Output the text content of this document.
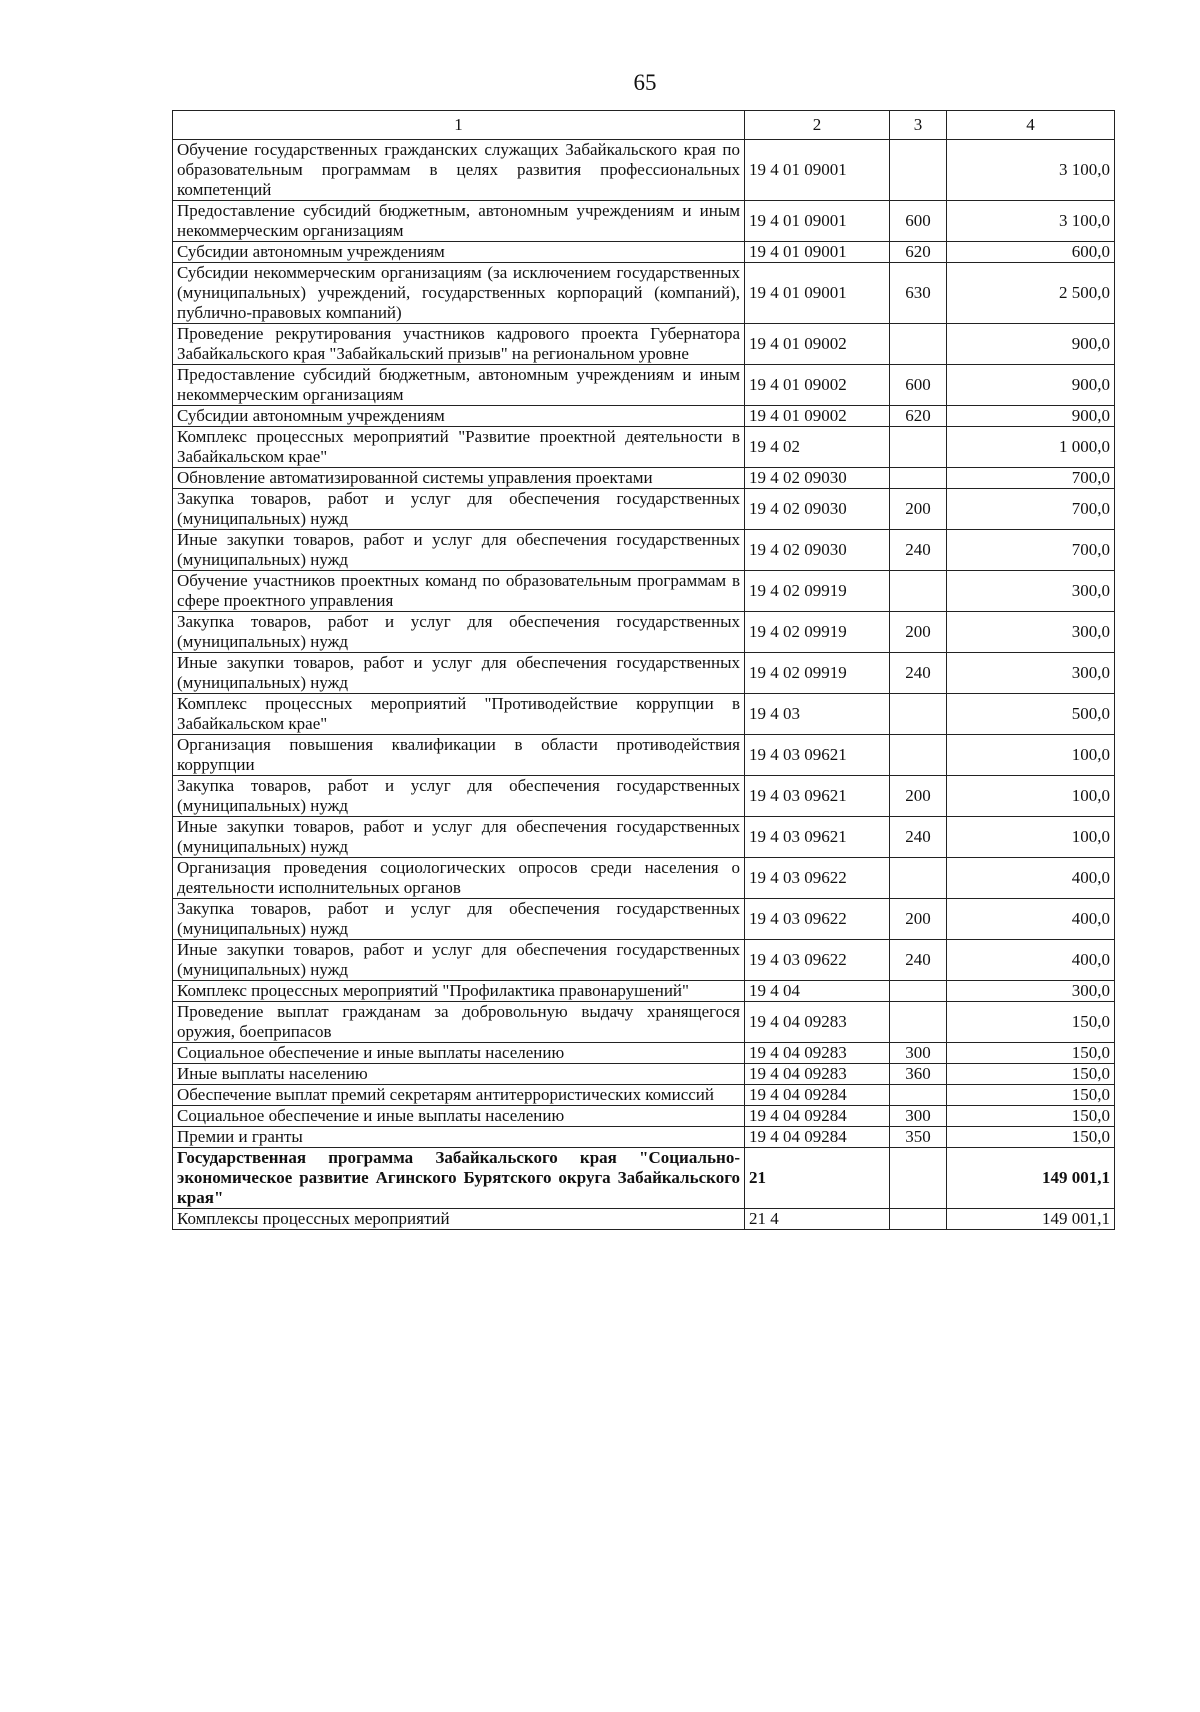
65
1	2	3	4
Обучение государственных гражданских служащих Забайкальского края по образовательным программам в целях развития профессиональных компетенций	19 4 01 09001		3 100,0
Предоставление субсидий бюджетным, автономным учреждениям и иным некоммерческим организациям	19 4 01 09001	600	3 100,0
Субсидии автономным учреждениям	19 4 01 09001	620	600,0
Субсидии некоммерческим организациям (за исключением государственных (муниципальных) учреждений, государственных корпораций (компаний), публично-правовых компаний)	19 4 01 09001	630	2 500,0
Проведение рекрутирования участников кадрового проекта Губернатора Забайкальского края "Забайкальский призыв" на региональном уровне	19 4 01 09002		900,0
Предоставление субсидий бюджетным, автономным учреждениям и иным некоммерческим организациям	19 4 01 09002	600	900,0
Субсидии автономным учреждениям	19 4 01 09002	620	900,0
Комплекс процессных мероприятий "Развитие проектной деятельности в Забайкальском крае"	19 4 02		1 000,0
Обновление автоматизированной системы управления проектами	19 4 02 09030		700,0
Закупка товаров, работ и услуг для обеспечения государственных (муниципальных) нужд	19 4 02 09030	200	700,0
Иные закупки товаров, работ и услуг для обеспечения государственных (муниципальных) нужд	19 4 02 09030	240	700,0
Обучение участников проектных команд по образовательным программам в сфере проектного управления	19 4 02 09919		300,0
Закупка товаров, работ и услуг для обеспечения государственных (муниципальных) нужд	19 4 02 09919	200	300,0
Иные закупки товаров, работ и услуг для обеспечения государственных (муниципальных) нужд	19 4 02 09919	240	300,0
Комплекс процессных мероприятий "Противодействие коррупции в Забайкальском крае"	19 4 03		500,0
Организация повышения квалификации в области противодействия коррупции	19 4 03 09621		100,0
Закупка товаров, работ и услуг для обеспечения государственных (муниципальных) нужд	19 4 03 09621	200	100,0
Иные закупки товаров, работ и услуг для обеспечения государственных (муниципальных) нужд	19 4 03 09621	240	100,0
Организация проведения социологических опросов среди населения о деятельности исполнительных органов	19 4 03 09622		400,0
Закупка товаров, работ и услуг для обеспечения государственных (муниципальных) нужд	19 4 03 09622	200	400,0
Иные закупки товаров, работ и услуг для обеспечения государственных (муниципальных) нужд	19 4 03 09622	240	400,0
Комплекс процессных мероприятий "Профилактика правонарушений"	19 4 04		300,0
Проведение выплат гражданам за добровольную выдачу хранящегося оружия, боеприпасов	19 4 04 09283		150,0
Социальное обеспечение и иные выплаты населению	19 4 04 09283	300	150,0
Иные выплаты населению	19 4 04 09283	360	150,0
Обеспечение выплат премий секретарям антитеррористических комиссий	19 4 04 09284		150,0
Социальное обеспечение и иные выплаты населению	19 4 04 09284	300	150,0
Премии и гранты	19 4 04 09284	350	150,0
Государственная программа Забайкальского края "Социально-экономическое развитие Агинского Бурятского округа Забайкальского края"	21		149 001,1
Комплексы процессных мероприятий	21 4		149 001,1
